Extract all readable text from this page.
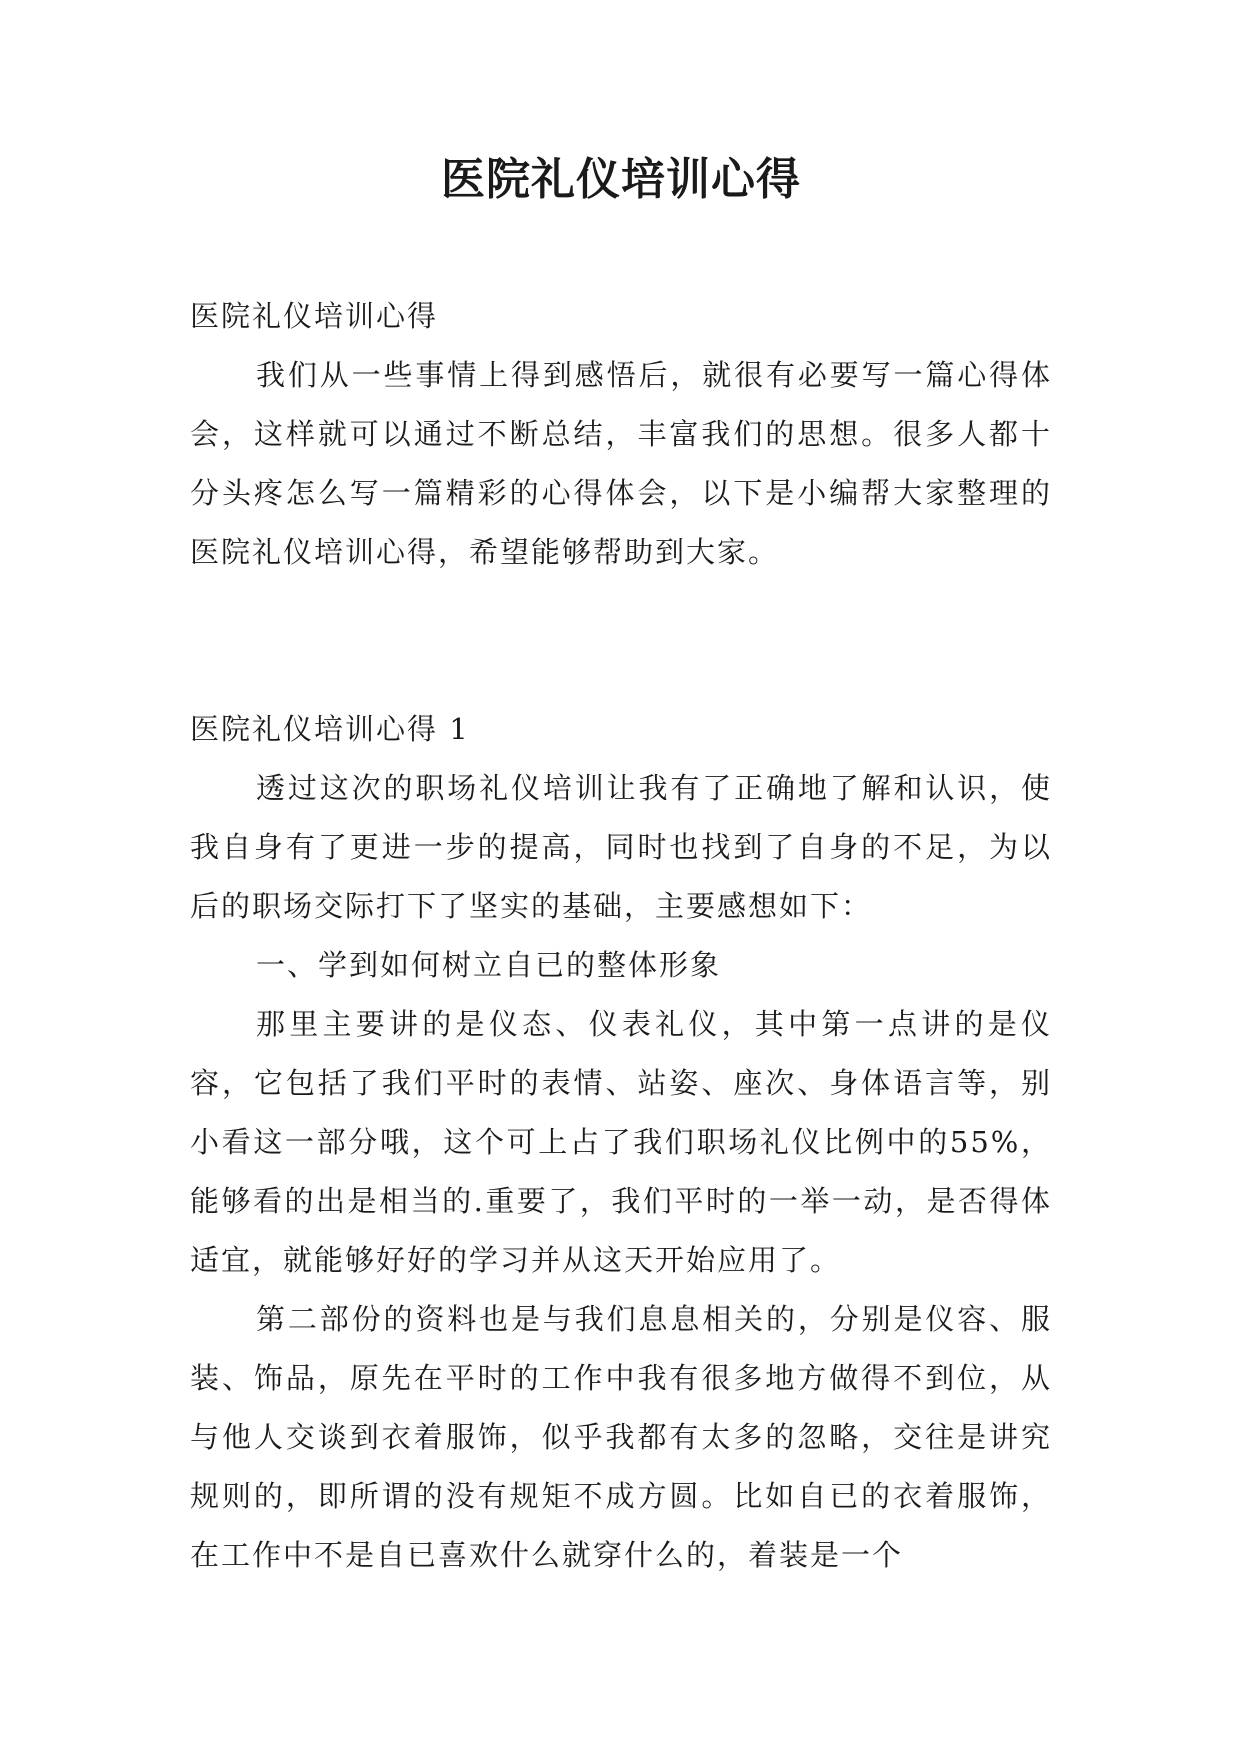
医院礼仪培训心得

医院礼仪培训心得

我们从一些事情上得到感悟后，就很有必要写一篇心得体会，这样就可以通过不断总结，丰富我们的思想。很多人都十分头疼怎么写一篇精彩的心得体会，以下是小编帮大家整理的医院礼仪培训心得，希望能够帮助到大家。

医院礼仪培训心得 1

透过这次的职场礼仪培训让我有了正确地了解和认识，使我自身有了更进一步的提高，同时也找到了自身的不足，为以后的职场交际打下了坚实的基础，主要感想如下：

一、学到如何树立自已的整体形象

那里主要讲的是仪态、仪表礼仪，其中第一点讲的是仪容，它包括了我们平时的表情、站姿、座次、身体语言等，别小看这一部分哦，这个可上占了我们职场礼仪比例中的55%，能够看的出是相当的.重要了，我们平时的一举一动，是否得体适宜，就能够好好的学习并从这天开始应用了。

第二部份的资料也是与我们息息相关的，分别是仪容、服装、饰品，原先在平时的工作中我有很多地方做得不到位，从与他人交谈到衣着服饰，似乎我都有太多的忽略，交往是讲究规则的，即所谓的没有规矩不成方圆。比如自已的衣着服饰，在工作中不是自已喜欢什么就穿什么的，着装是一个
